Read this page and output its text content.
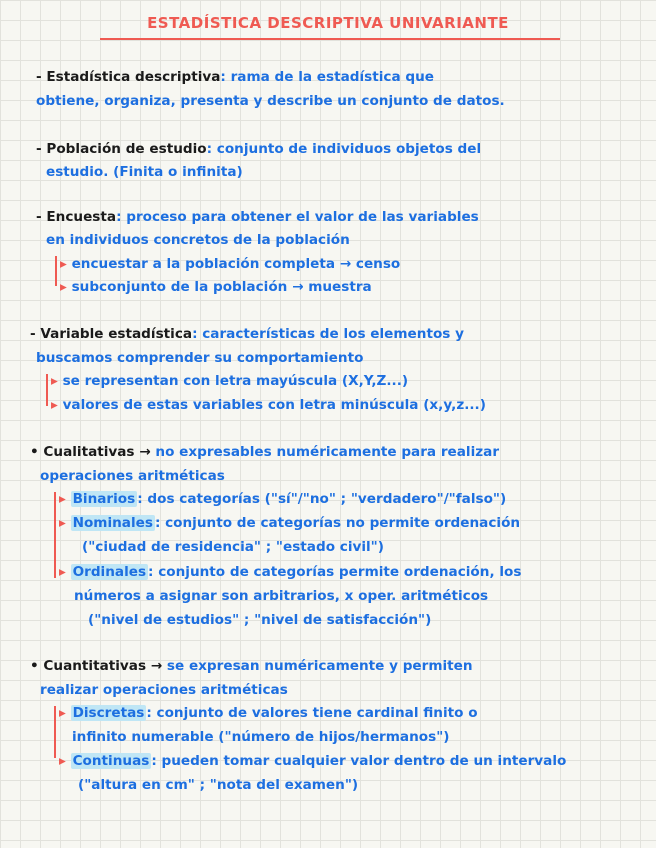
ESTADÍSTICA DESCRIPTIVA UNIVARIANTE
- Estadística descriptiva: rama de la estadística que
obtiene, organiza, presenta y describe un conjunto de datos.
- Población de estudio: conjunto de individuos objetos del
estudio. (Finita o infinita)
- Encuesta: proceso para obtener el valor de las variables
en individuos concretos de la población
▸ encuestar a la población completa → censo
▸ subconjunto de la población → muestra
- Variable estadística: características de los elementos y
buscamos comprender su comportamiento
▸ se representan con letra mayúscula (X,Y,Z...)
▸ valores de estas variables con letra minúscula (x,y,z...)
• Cualitativas → no expresables numéricamente para realizar
operaciones aritméticas
▸ Binarios : dos categorías ("sí"/"no" ; "verdadero"/"falso")
▸ Nominales : conjunto de categorías no permite ordenación
("ciudad de residencia" ; "estado civil")
▸ Ordinales : conjunto de categorías permite ordenación, los
números a asignar son arbitrarios, x oper. aritméticos
("nivel de estudios" ; "nivel de satisfacción")
• Cuantitativas → se expresan numéricamente y permiten
realizar operaciones aritméticas
▸ Discretas : conjunto de valores tiene cardinal finito o
infinito numerable ("número de hijos/hermanos")
▸ Continuas : pueden tomar cualquier valor dentro de un intervalo
("altura en cm" ; "nota del examen")
